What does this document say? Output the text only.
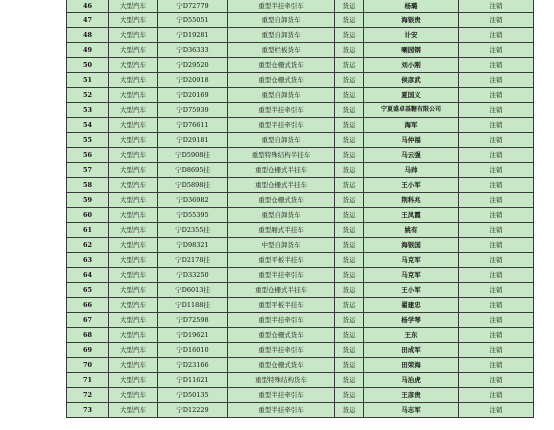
46	大型汽车	宁D72779	重型半挂牵引车	货运	杨璐	注销
47	大型汽车	宁D55051	重型自卸货车	货运	海银贵	注销
48	大型汽车	宁D19281	重型自卸货车	货运	计安	注销
49	大型汽车	宁D36333	重型栏板货车	货运	喇园钢	注销
50	大型汽车	宁D29520	重型仓栅式货车	货运	刘小刚	注销
51	大型汽车	宁D20918	重型仓栅式货车	货运	侯彦武	注销
52	大型汽车	宁D20169	重型自卸货车	货运	夏国义	注销
53	大型汽车	宁D75939	重型半挂牵引车	货运	宁夏盛卓基糖有限公司	注销
54	大型汽车	宁D76611	重型半挂牵引车	货运	海军	注销
55	大型汽车	宁D29181	重型自卸货车	货运	马仲福	注销
56	大型汽车	宁D5908挂	重型特殊结构半挂车	货运	马云强	注销
57	大型汽车	宁D8695挂	重型仓栅式半挂车	货运	马帅	注销
58	大型汽车	宁D5898挂	重型仓栅式半挂车	货运	王小军	注销
59	大型汽车	宁D36982	重型仓栅式货车	货运	荆科兆	注销
60	大型汽车	宁D55395	重型自卸货车	货运	王凤霞	注销
61	大型汽车	宁D2355挂	重型厢式半挂车	货运	姚有	注销
62	大型汽车	宁D98321	中型自卸货车	货运	海银国	注销
63	大型汽车	宁D2178挂	重型平板半挂车	货运	马克军	注销
64	大型汽车	宁D33250	重型半挂牵引车	货运	马克军	注销
65	大型汽车	宁D6013挂	重型仓栅式半挂车	货运	王小军	注销
66	大型汽车	宁D1188挂	重型平板半挂车	货运	翟建忠	注销
67	大型汽车	宁D72598	重型半挂牵引车	货运	杨学琴	注销
68	大型汽车	宁D19621	重型仓栅式货车	货运	王东	注销
69	大型汽车	宁D16010	重型半挂牵引车	货运	田成军	注销
70	大型汽车	宁D23166	重型仓栅式货车	货运	田荣海	注销
71	大型汽车	宁D11621	重型特殊结构货车	货运	马治虎	注销
72	大型汽车	宁D50135	重型半挂牵引车	货运	王彦贵	注销
73	大型汽车	宁D12229	重型半挂牵引车	货运	马志军	注销
